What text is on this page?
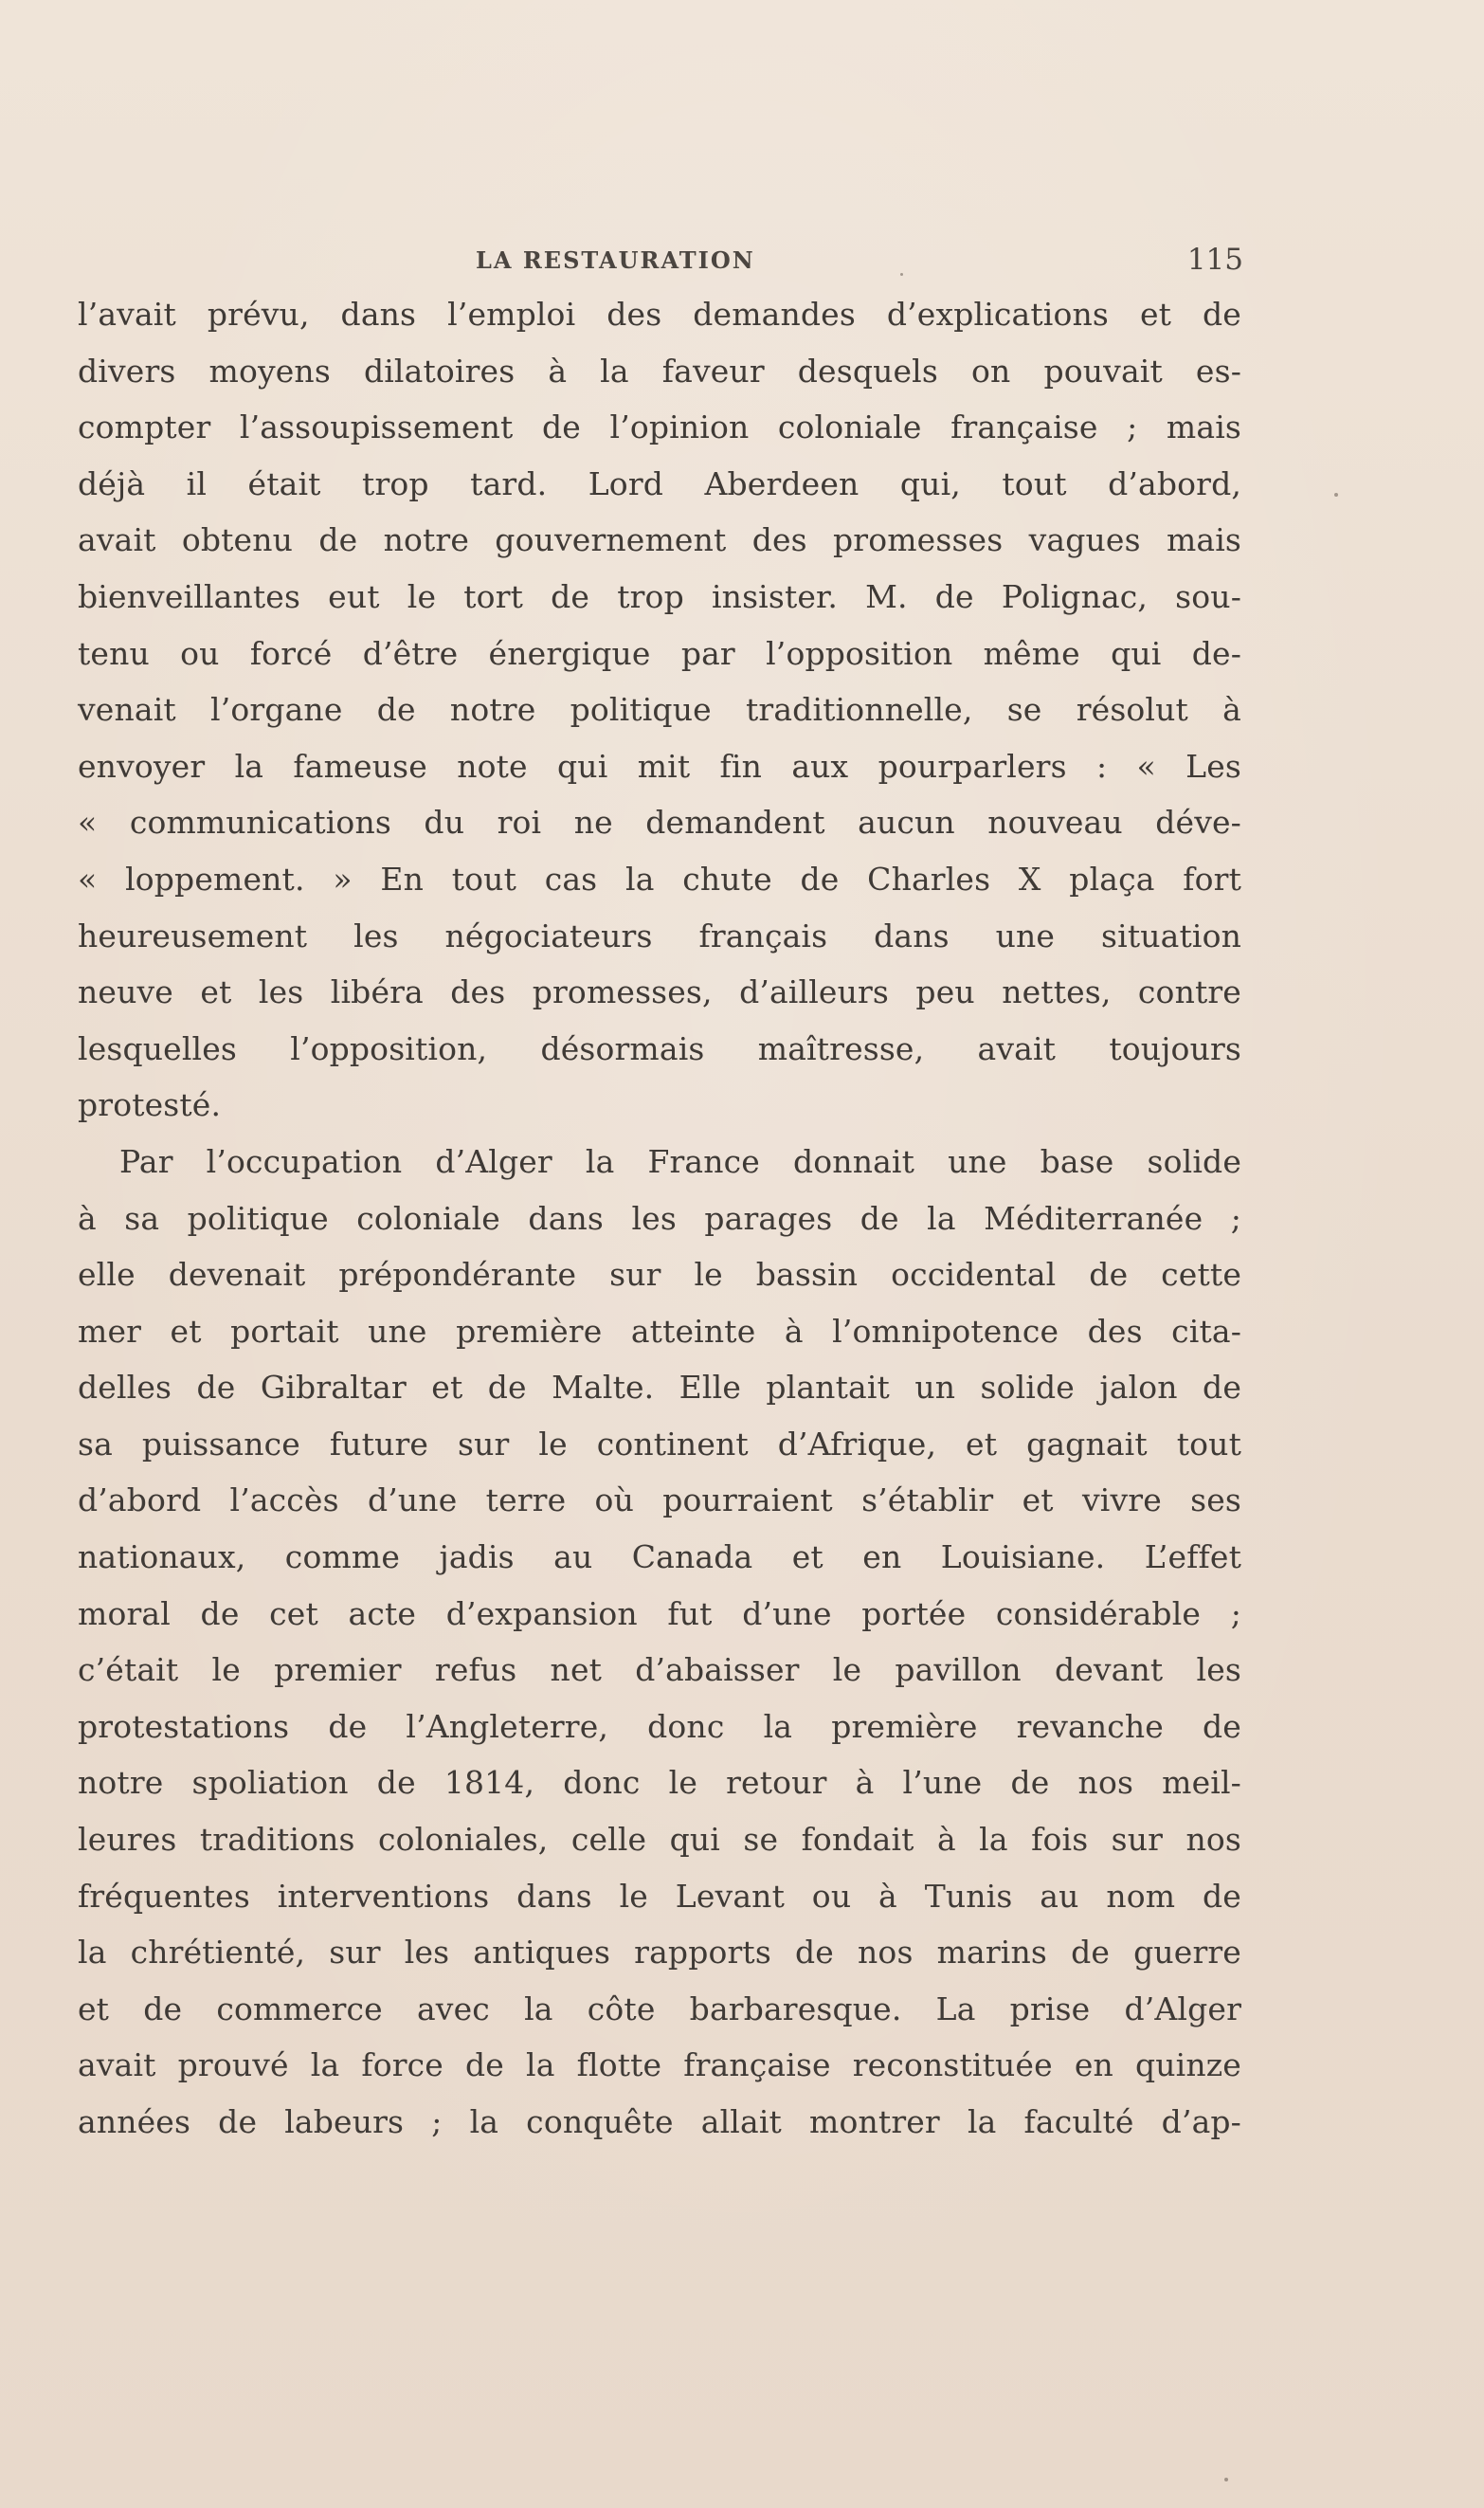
LA RESTAURATION	115
l’avait prévu, dans l’emploi des demandes d’explications et de
divers moyens dilatoires à la faveur desquels on pouvait es-
compter l’assoupissement de l’opinion coloniale française ; mais
déjà il était trop tard. Lord Aberdeen qui, tout d’abord,
avait obtenu de notre gouvernement des promesses vagues mais
bienveillantes eut le tort de trop insister. M. de Polignac, sou-
tenu ou forcé d’être énergique par l’opposition même qui de-
venait l’organe de notre politique traditionnelle, se résolut à
envoyer la fameuse note qui mit fin aux pourparlers : « Les
« communications du roi ne demandent aucun nouveau déve-
« loppement. » En tout cas la chute de Charles X plaça fort
heureusement les négociateurs français dans une situation
neuve et les libéra des promesses, d’ailleurs peu nettes, contre
lesquelles l’opposition, désormais maîtresse, avait toujours
protesté.
Par l’occupation d’Alger la France donnait une base solide
à sa politique coloniale dans les parages de la Méditerranée ;
elle devenait prépondérante sur le bassin occidental de cette
mer et portait une première atteinte à l’omnipotence des cita-
delles de Gibraltar et de Malte. Elle plantait un solide jalon de
sa puissance future sur le continent d’Afrique, et gagnait tout
d’abord l’accès d’une terre où pourraient s’établir et vivre ses
nationaux, comme jadis au Canada et en Louisiane. L’effet
moral de cet acte d’expansion fut d’une portée considérable ;
c’était le premier refus net d’abaisser le pavillon devant les
protestations de l’Angleterre, donc la première revanche de
notre spoliation de 1814, donc le retour à l’une de nos meil-
leures traditions coloniales, celle qui se fondait à la fois sur nos
fréquentes interventions dans le Levant ou à Tunis au nom de
la chrétienté, sur les antiques rapports de nos marins de guerre
et de commerce avec la côte barbaresque. La prise d’Alger
avait prouvé la force de la flotte française reconstituée en quinze
années de labeurs ; la conquête allait montrer la faculté d’ap-
